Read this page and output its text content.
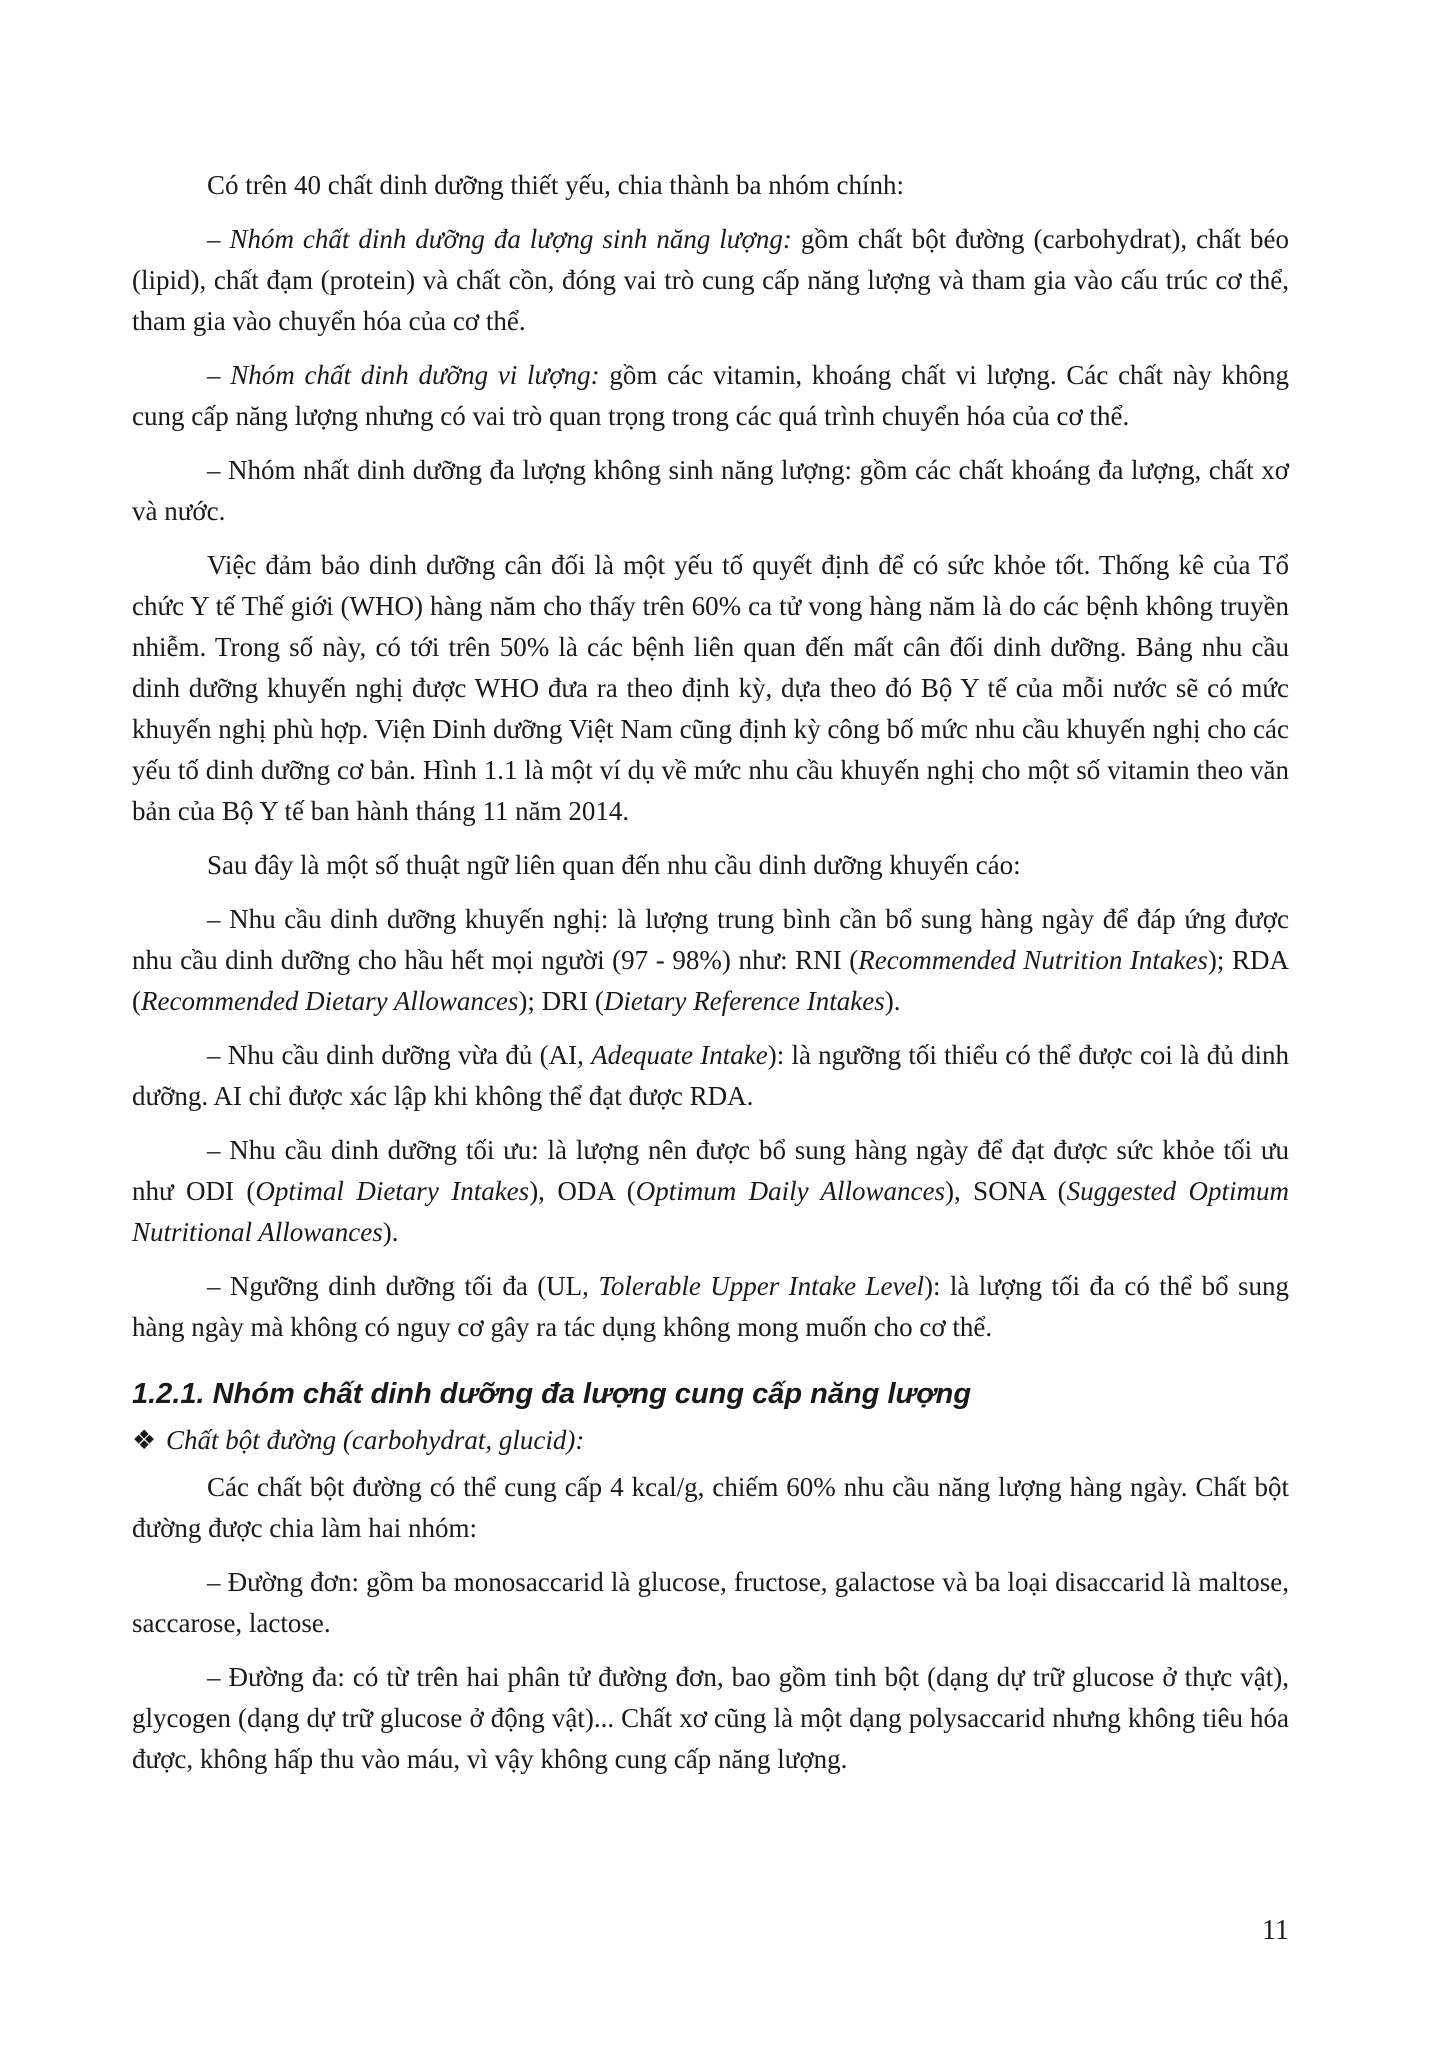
Có trên 40 chất dinh dưỡng thiết yếu, chia thành ba nhóm chính:

– Nhóm chất dinh dưỡng đa lượng sinh năng lượng: gồm chất bột đường (carbohydrat), chất béo (lipid), chất đạm (protein) và chất cồn, đóng vai trò cung cấp năng lượng và tham gia vào cấu trúc cơ thể, tham gia vào chuyển hóa của cơ thể.

– Nhóm chất dinh dưỡng vi lượng: gồm các vitamin, khoáng chất vi lượng. Các chất này không cung cấp năng lượng nhưng có vai trò quan trọng trong các quá trình chuyển hóa của cơ thể.

– Nhóm nhất dinh dưỡng đa lượng không sinh năng lượng: gồm các chất khoáng đa lượng, chất xơ và nước.

Việc đảm bảo dinh dưỡng cân đối là một yếu tố quyết định để có sức khỏe tốt. Thống kê của Tổ chức Y tế Thế giới (WHO) hàng năm cho thấy trên 60% ca tử vong hàng năm là do các bệnh không truyền nhiễm. Trong số này, có tới trên 50% là các bệnh liên quan đến mất cân đối dinh dưỡng. Bảng nhu cầu dinh dưỡng khuyến nghị được WHO đưa ra theo định kỳ, dựa theo đó Bộ Y tế của mỗi nước sẽ có mức khuyến nghị phù hợp. Viện Dinh dưỡng Việt Nam cũng định kỳ công bố mức nhu cầu khuyến nghị cho các yếu tố dinh dưỡng cơ bản. Hình 1.1 là một ví dụ về mức nhu cầu khuyến nghị cho một số vitamin theo văn bản của Bộ Y tế ban hành tháng 11 năm 2014.

Sau đây là một số thuật ngữ liên quan đến nhu cầu dinh dưỡng khuyến cáo:

– Nhu cầu dinh dưỡng khuyến nghị: là lượng trung bình cần bổ sung hàng ngày để đáp ứng được nhu cầu dinh dưỡng cho hầu hết mọi người (97 - 98%) như: RNI (Recommended Nutrition Intakes); RDA (Recommended Dietary Allowances); DRI (Dietary Reference Intakes).

– Nhu cầu dinh dưỡng vừa đủ (AI, Adequate Intake): là ngưỡng tối thiểu có thể được coi là đủ dinh dưỡng. AI chỉ được xác lập khi không thể đạt được RDA.

– Nhu cầu dinh dưỡng tối ưu: là lượng nên được bổ sung hàng ngày để đạt được sức khỏe tối ưu như ODI (Optimal Dietary Intakes), ODA (Optimum Daily Allowances), SONA (Suggested Optimum Nutritional Allowances).

– Ngưỡng dinh dưỡng tối đa (UL, Tolerable Upper Intake Level): là lượng tối đa có thể bổ sung hàng ngày mà không có nguy cơ gây ra tác dụng không mong muốn cho cơ thể.

1.2.1. Nhóm chất dinh dưỡng đa lượng cung cấp năng lượng

❖ Chất bột đường (carbohydrat, glucid):

Các chất bột đường có thể cung cấp 4 kcal/g, chiếm 60% nhu cầu năng lượng hàng ngày. Chất bột đường được chia làm hai nhóm:

– Đường đơn: gồm ba monosaccarid là glucose, fructose, galactose và ba loại disaccarid là maltose, saccarose, lactose.

– Đường đa: có từ trên hai phân tử đường đơn, bao gồm tinh bột (dạng dự trữ glucose ở thực vật), glycogen (dạng dự trữ glucose ở động vật)... Chất xơ cũng là một dạng polysaccarid nhưng không tiêu hóa được, không hấp thu vào máu, vì vậy không cung cấp năng lượng.

11
